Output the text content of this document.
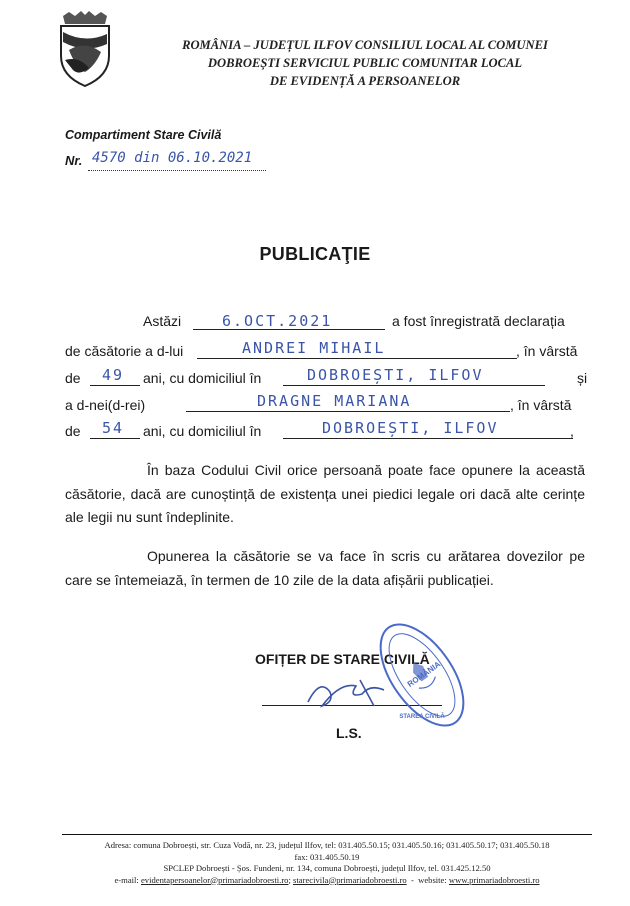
ROMÂNIA – JUDEȚUL ILFOV CONSILIUL LOCAL AL COMUNEI
DOBROEȘTI SERVICIUL PUBLIC COMUNITAR LOCAL
DE EVIDENȚĂ A PERSOANELOR
Compartiment Stare Civilă
Nr. 4570 din 06.10.2021
PUBLICAŢIE
Astăzi	6.OCT.2021	a fost înregistrată declarația
de căsătorie a d-lui	ANDREI MIHAIL	, în vârstă
de 49 ani, cu domiciliul în	DOBROEȘTI, ILFOV	și
a d-nei(d-rei)	DRAGNE MARIANA	, în vârstă
de 54 ani, cu domiciliul în	DOBROEȘTI, ILFOV	,
În baza Codului Civil orice persoană poate face opunere la această căsătorie, dacă are cunoștință de existența unei piedici legale ori dacă alte cerințe ale legii nu sunt îndeplinite.
Opunerea la căsătorie se va face în scris cu arătarea dovezilor pe care se întemeiază, în termen de 10 zile de la data afișării publicației.
OFIȚER DE STARE CIVILĂ
ROMÂNIA
STAREA CIVILĂ
L.S.
Adresa: comuna Dobroești, str. Cuza Vodă, nr. 23, județul Ilfov, tel: 031.405.50.15; 031.405.50.16; 031.405.50.17; 031.405.50.18
fax: 031.405.50.19
SPCLEP Dobroești - Șos. Fundeni, nr. 134, comuna Dobroești, județul Ilfov, tel. 031.425.12.50
e-mail: evidentapersoanelor@primariadobroesti.ro; starecivila@primariadobroesti.ro  -  website: www.primariadobroesti.ro
